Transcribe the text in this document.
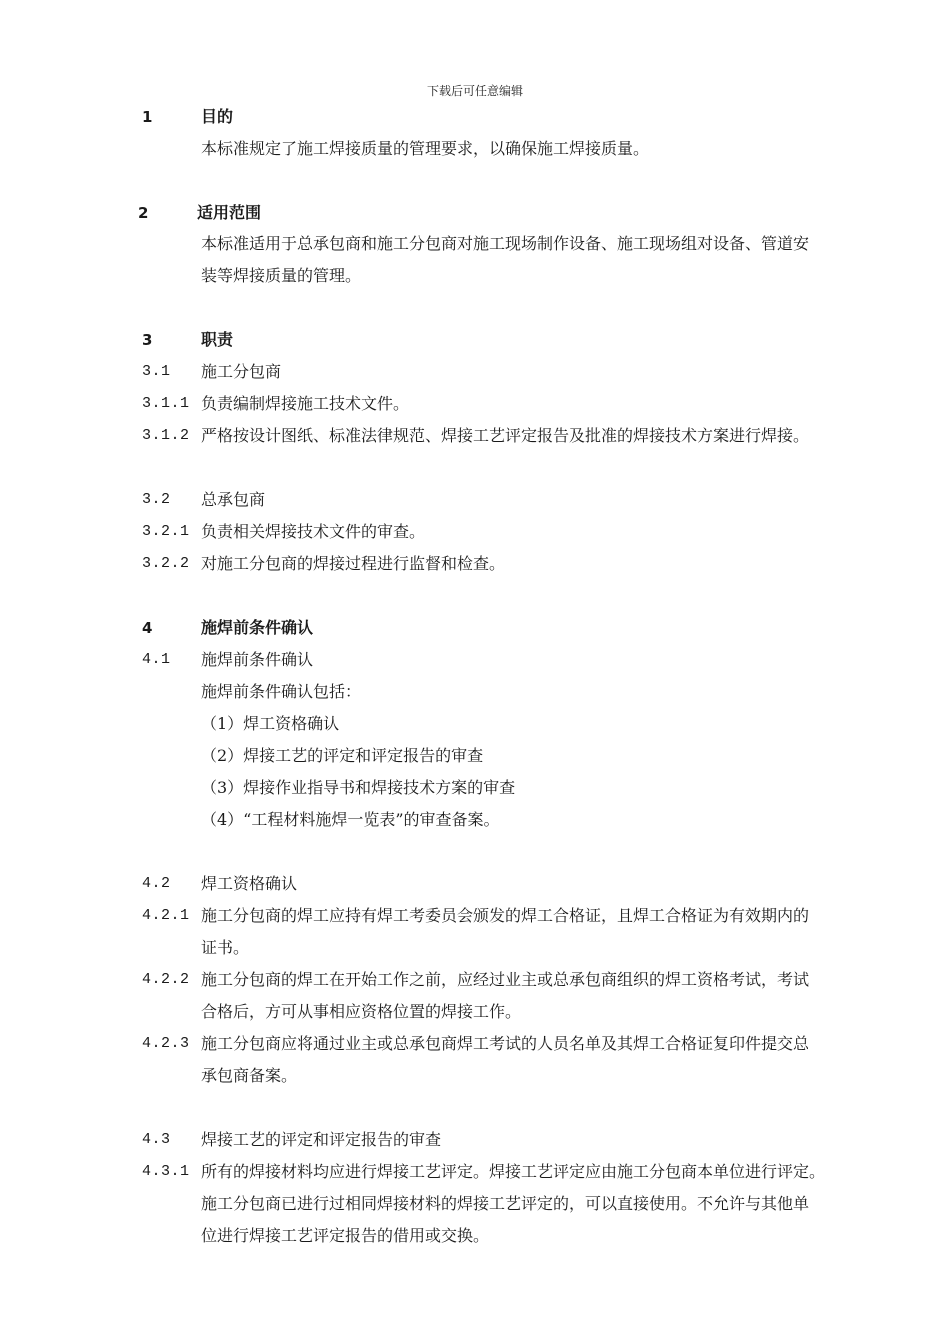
下载后可任意编辑
1	目的
本标准规定了施工焊接质量的管理要求，以确保施工焊接质量。
2	适用范围
本标准适用于总承包商和施工分包商对施工现场制作设备、施工现场组对设备、管道安
装等焊接质量的管理。
3	职责
3.1 施工分包商
3.1.1 负责编制焊接施工技术文件。
3.1.2 严格按设计图纸、标准法律规范、焊接工艺评定报告及批准的焊接技术方案进行焊接。
3.2 总承包商
3.2.1 负责相关焊接技术文件的审查。
3.2.2 对施工分包商的焊接过程进行监督和检查。
4	施焊前条件确认
4.1 施焊前条件确认
施焊前条件确认包括：
（1）焊工资格确认
（2）焊接工艺的评定和评定报告的审查
（3）焊接作业指导书和焊接技术方案的审查
（4）“工程材料施焊一览表”的审查备案。
4.2 焊工资格确认
4.2.1 施工分包商的焊工应持有焊工考委员会颁发的焊工合格证，且焊工合格证为有效期内的
证书。
4.2.2 施工分包商的焊工在开始工作之前，应经过业主或总承包商组织的焊工资格考试，考试
合格后，方可从事相应资格位置的焊接工作。
4.2.3 施工分包商应将通过业主或总承包商焊工考试的人员名单及其焊工合格证复印件提交总
承包商备案。
4.3 焊接工艺的评定和评定报告的审查
4.3.1 所有的焊接材料均应进行焊接工艺评定。焊接工艺评定应由施工分包商本单位进行评定。
施工分包商已进行过相同焊接材料的焊接工艺评定的，可以直接使用。不允许与其他单
位进行焊接工艺评定报告的借用或交换。
